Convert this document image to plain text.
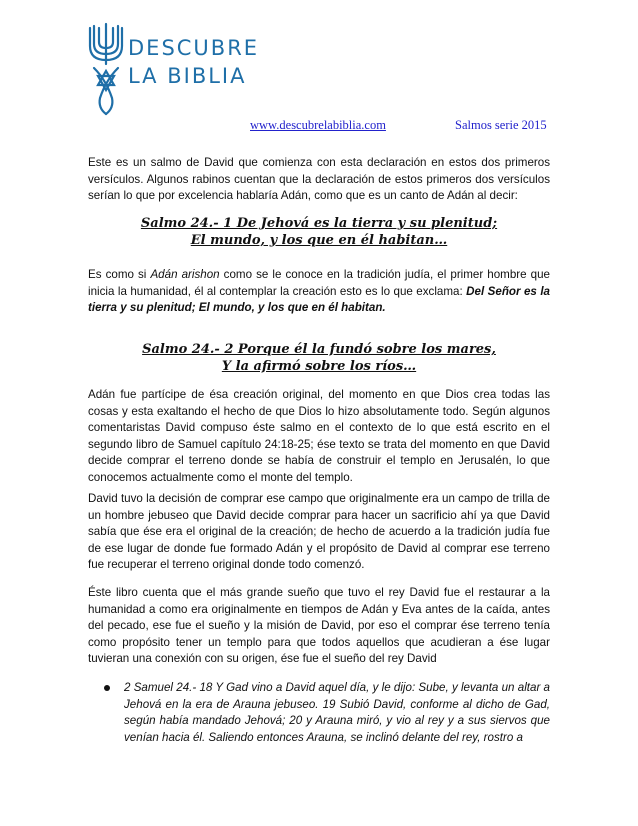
DESCUBRE
LA BIBLIA
www.descubrelabiblia.com	Salmos serie 2015
Este es un salmo de David que comienza con esta declaración en estos dos primeros versículos. Algunos rabinos cuentan que la declaración de estos primeros dos versículos serían lo que por excelencia hablaría Adán, como que es un canto de Adán al decir:
Salmo 24.- 1 De Jehová es la tierra y su plenitud;
El mundo, y los que en él habitan…
Es como si Adán arishon como se le conoce en la tradición judía, el primer hombre que inicia la humanidad, él al contemplar la creación esto es lo que exclama: Del Señor es la tierra y su plenitud; El mundo, y los que en él habitan.
Salmo 24.- 2 Porque él la fundó sobre los mares,
Y la afirmó sobre los ríos…
Adán fue partícipe de ésa creación original, del momento en que Dios crea todas las cosas y esta exaltando el hecho de que Dios lo hizo absolutamente todo. Según algunos comentaristas David compuso éste salmo en el contexto de lo que está escrito en el segundo libro de Samuel capítulo 24:18-25; ése texto se trata del momento en que David decide comprar el terreno donde se había de construir el templo en Jerusalén, lo que conocemos actualmente como el monte del templo.
David tuvo la decisión de comprar ese campo que originalmente era un campo de trilla de un hombre jebuseo que David decide comprar para hacer un sacrificio ahí ya que David sabía que ése era el original de la creación; de hecho de acuerdo a la tradición judía fue de ese lugar de donde fue formado Adán y el propósito de David al comprar ese terreno fue recuperar el terreno original donde todo comenzó.
Éste libro cuenta que el más grande sueño que tuvo el rey David fue el restaurar a la humanidad a como era originalmente en tiempos de Adán y Eva antes de la caída, antes del pecado, ese fue el sueño y la misión de David, por eso el comprar ése terreno tenía como propósito tener un templo para que todos aquellos que acudieran a ése lugar tuvieran una conexión con su origen, ése fue el sueño del rey David
2 Samuel 24.- 18 Y Gad vino a David aquel día, y le dijo: Sube, y levanta un altar a Jehová en la era de Arauna jebuseo. 19 Subió David, conforme al dicho de Gad, según había mandado Jehová; 20 y Arauna miró, y vio al rey y a sus siervos que venían hacia él. Saliendo entonces Arauna, se inclinó delante del rey, rostro a
